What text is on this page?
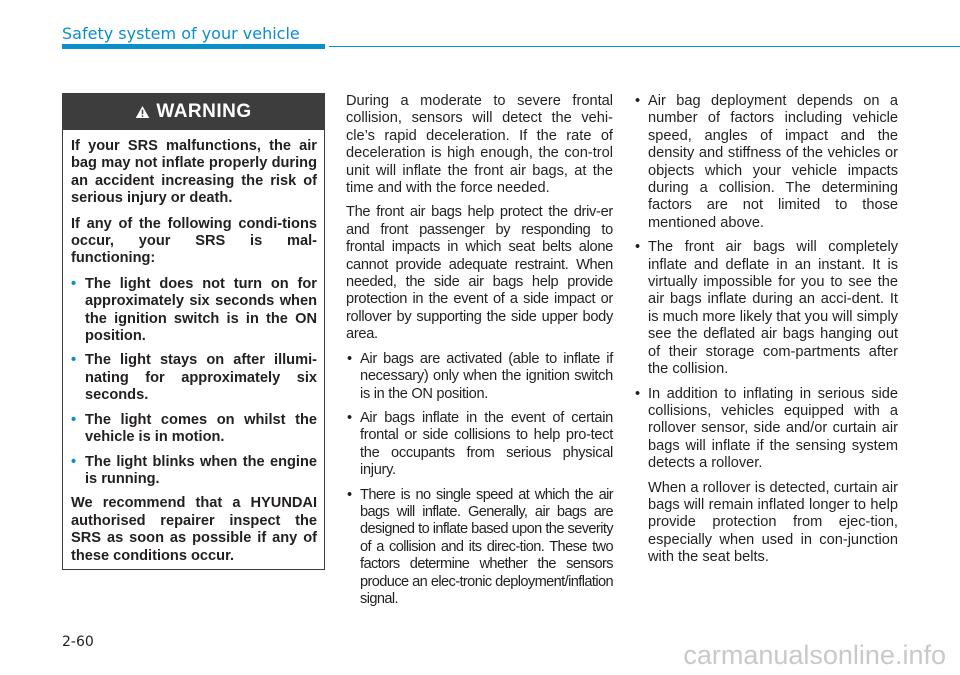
Safety system of your vehicle
WARNING

If your SRS malfunctions, the air bag may not inflate properly during an accident increasing the risk of serious injury or death.

If any of the following condi-tions occur, your SRS is mal-functioning:

• The light does not turn on for approximately six seconds when the ignition switch is in the ON position.
• The light stays on after illumi-nating for approximately six seconds.
• The light comes on whilst the vehicle is in motion.
• The light blinks when the engine is running.

We recommend that a HYUNDAI authorised repairer inspect the SRS as soon as possible if any of these conditions occur.

During a moderate to severe frontal collision, sensors will detect the vehi-cle’s rapid deceleration. If the rate of deceleration is high enough, the con-trol unit will inflate the front air bags, at the time and with the force needed.

The front air bags help protect the driv-er and front passenger by responding to frontal impacts in which seat belts alone cannot provide adequate restraint. When needed, the side air bags help provide protection in the event of a side impact or rollover by supporting the side upper body area.

• Air bags are activated (able to inflate if necessary) only when the ignition switch is in the ON position.
• Air bags inflate in the event of certain frontal or side collisions to help pro-tect the occupants from serious physical injury.
• There is no single speed at which the air bags will inflate. Generally, air bags are designed to inflate based upon the severity of a collision and its direc-tion. These two factors determine whether the sensors produce an elec-tronic deployment/inflation signal.
• Air bag deployment depends on a number of factors including vehicle speed, angles of impact and the density and stiffness of the vehicles or objects which your vehicle impacts during a collision. The determining factors are not limited to those mentioned above.
• The front air bags will completely inflate and deflate in an instant. It is virtually impossible for you to see the air bags inflate during an acci-dent. It is much more likely that you will simply see the deflated air bags hanging out of their storage com-partments after the collision.
• In addition to inflating in serious side collisions, vehicles equipped with a rollover sensor, side and/or curtain air bags will inflate if the sensing system detects a rollover.

When a rollover is detected, curtain air bags will remain inflated longer to help provide protection from ejec-tion, especially when used in con-junction with the seat belts.

2-60	carmanualsonline.info
